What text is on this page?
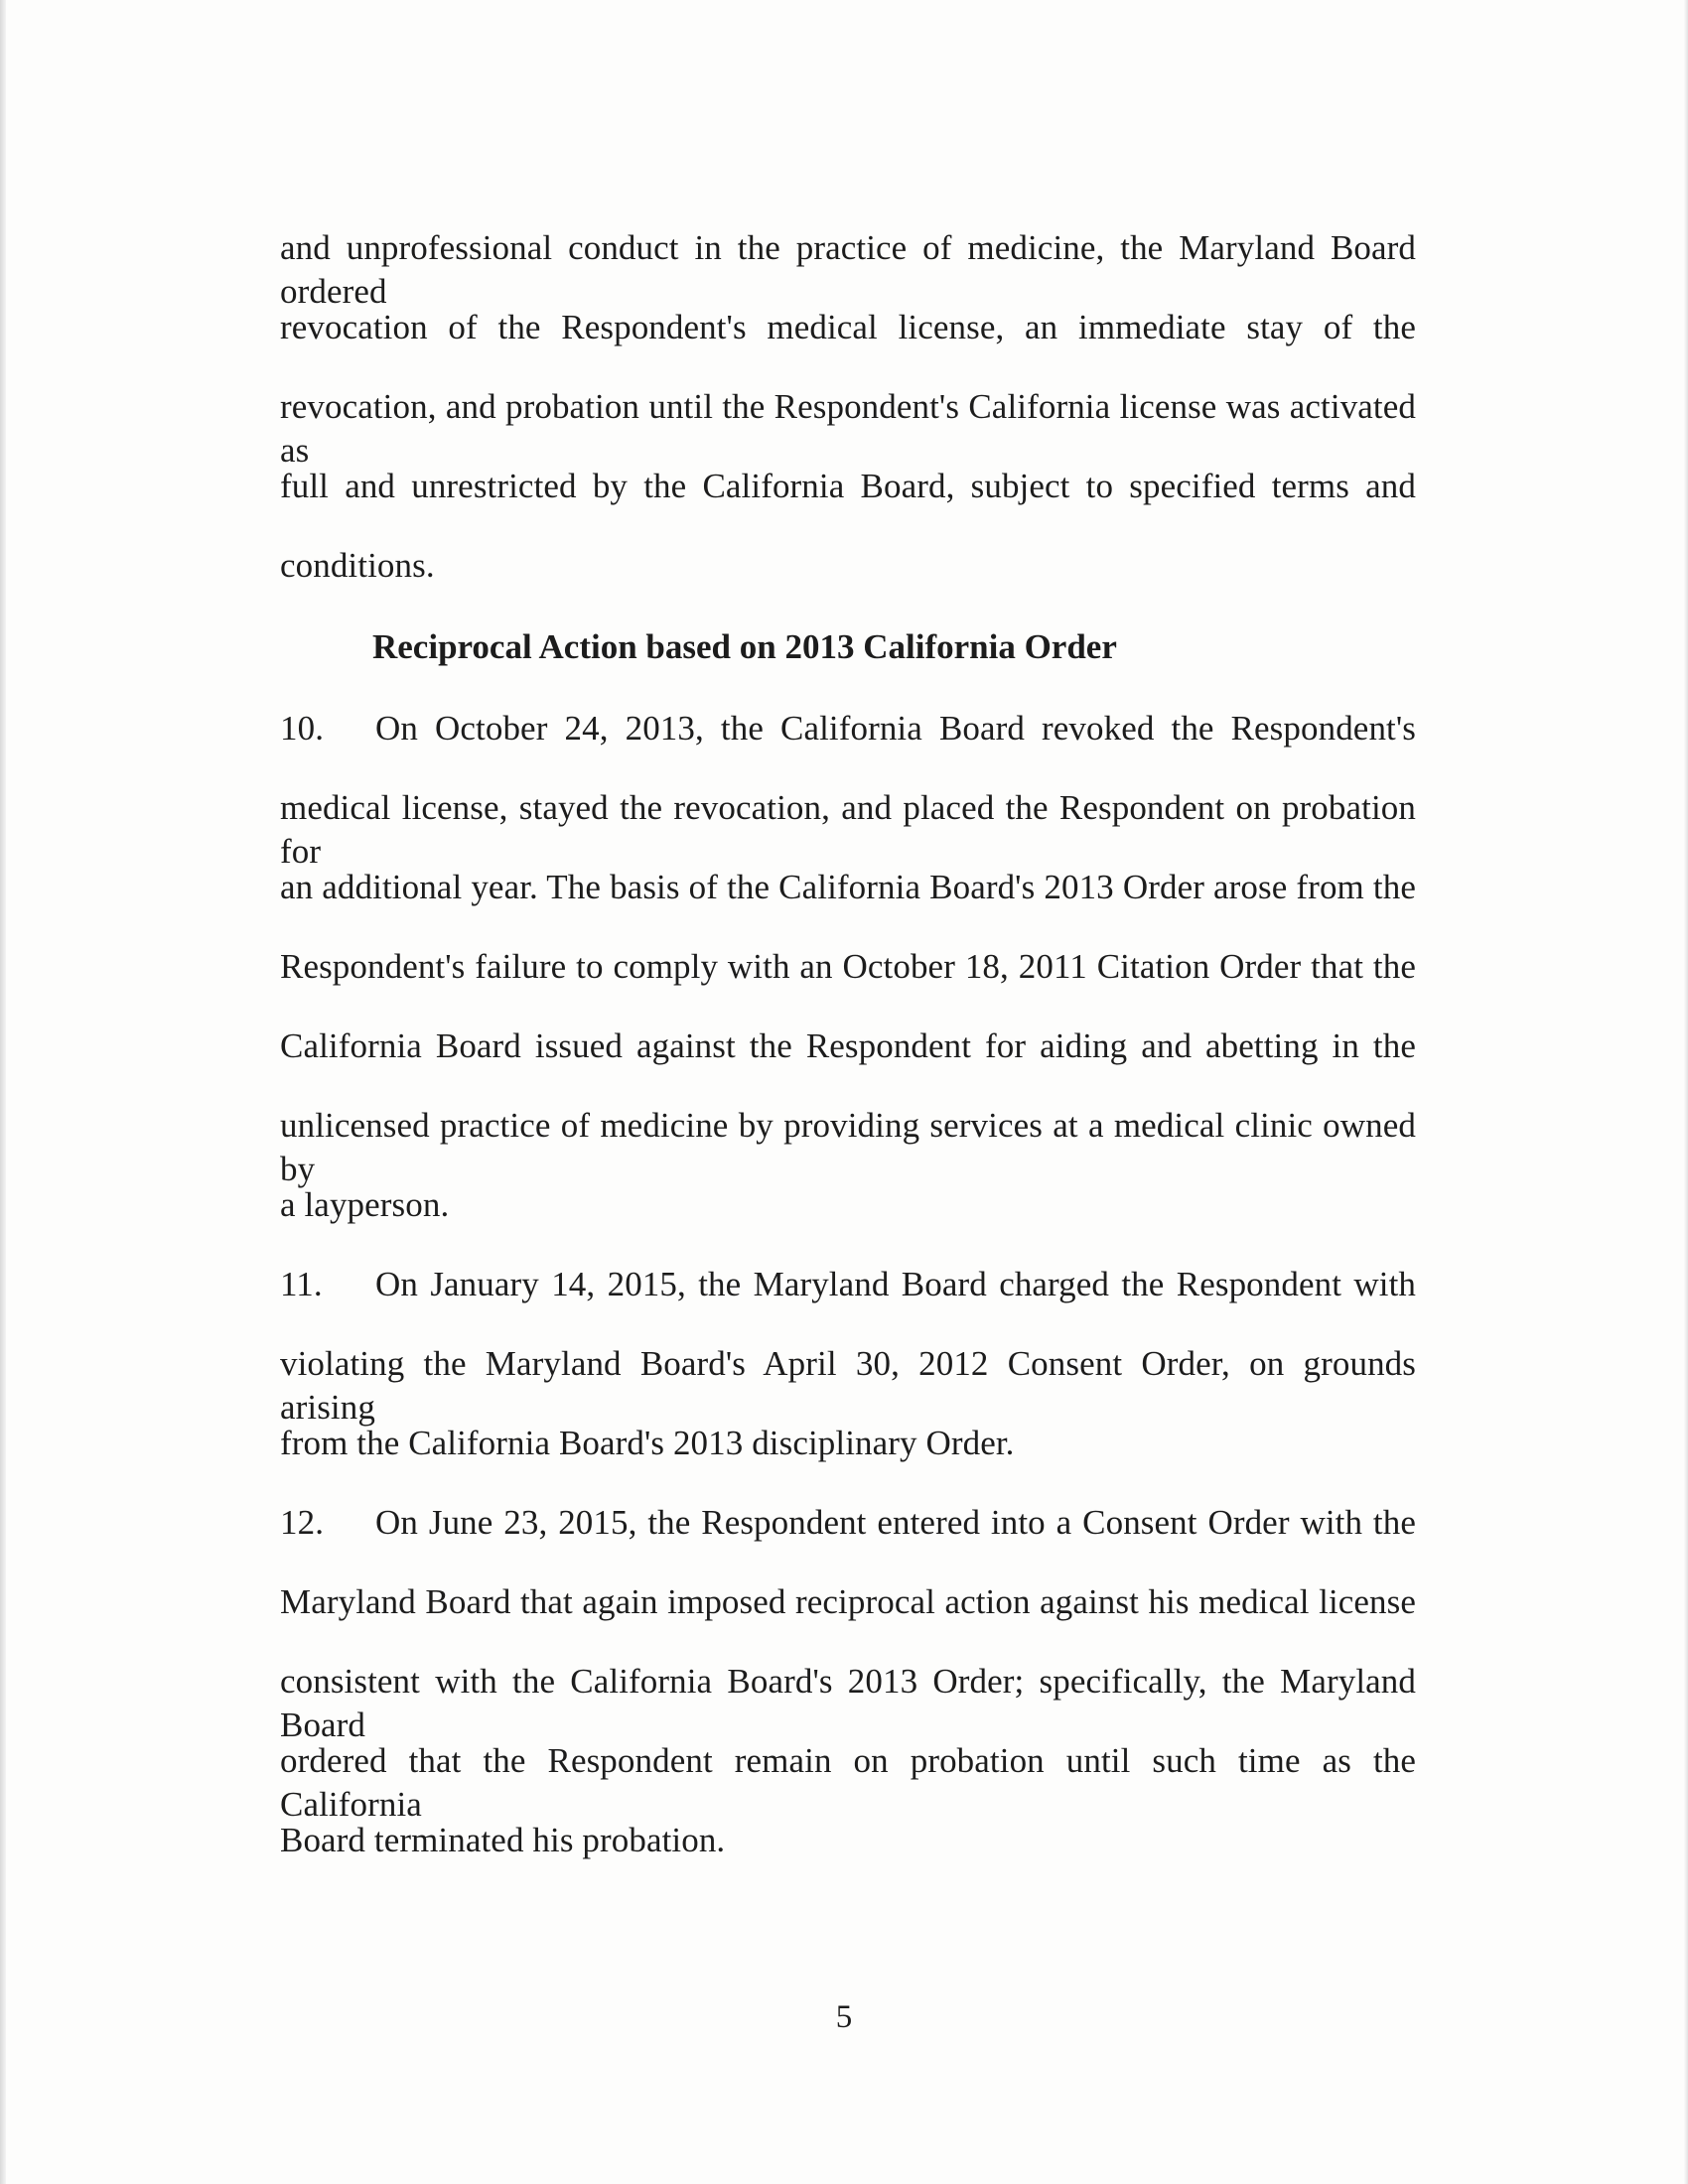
and unprofessional conduct in the practice of medicine, the Maryland Board ordered
revocation of the Respondent's medical license, an immediate stay of the
revocation, and probation until the Respondent's California license was activated as
full and unrestricted by the California Board, subject to specified terms and
conditions.
Reciprocal Action based on 2013 California Order
10.	On October 24, 2013, the California Board revoked the Respondent's
medical license, stayed the revocation, and placed the Respondent on probation for
an additional year. The basis of the California Board's 2013 Order arose from the
Respondent's failure to comply with an October 18, 2011 Citation Order that the
California Board issued against the Respondent for aiding and abetting in the
unlicensed practice of medicine by providing services at a medical clinic owned by
a layperson.
11.	On January 14, 2015, the Maryland Board charged the Respondent with
violating the Maryland Board's April 30, 2012 Consent Order, on grounds arising
from the California Board's 2013 disciplinary Order.
12.	On June 23, 2015, the Respondent entered into a Consent Order with the
Maryland Board that again imposed reciprocal action against his medical license
consistent with the California Board's 2013 Order; specifically, the Maryland Board
ordered that the Respondent remain on probation until such time as the California
Board terminated his probation.
5
